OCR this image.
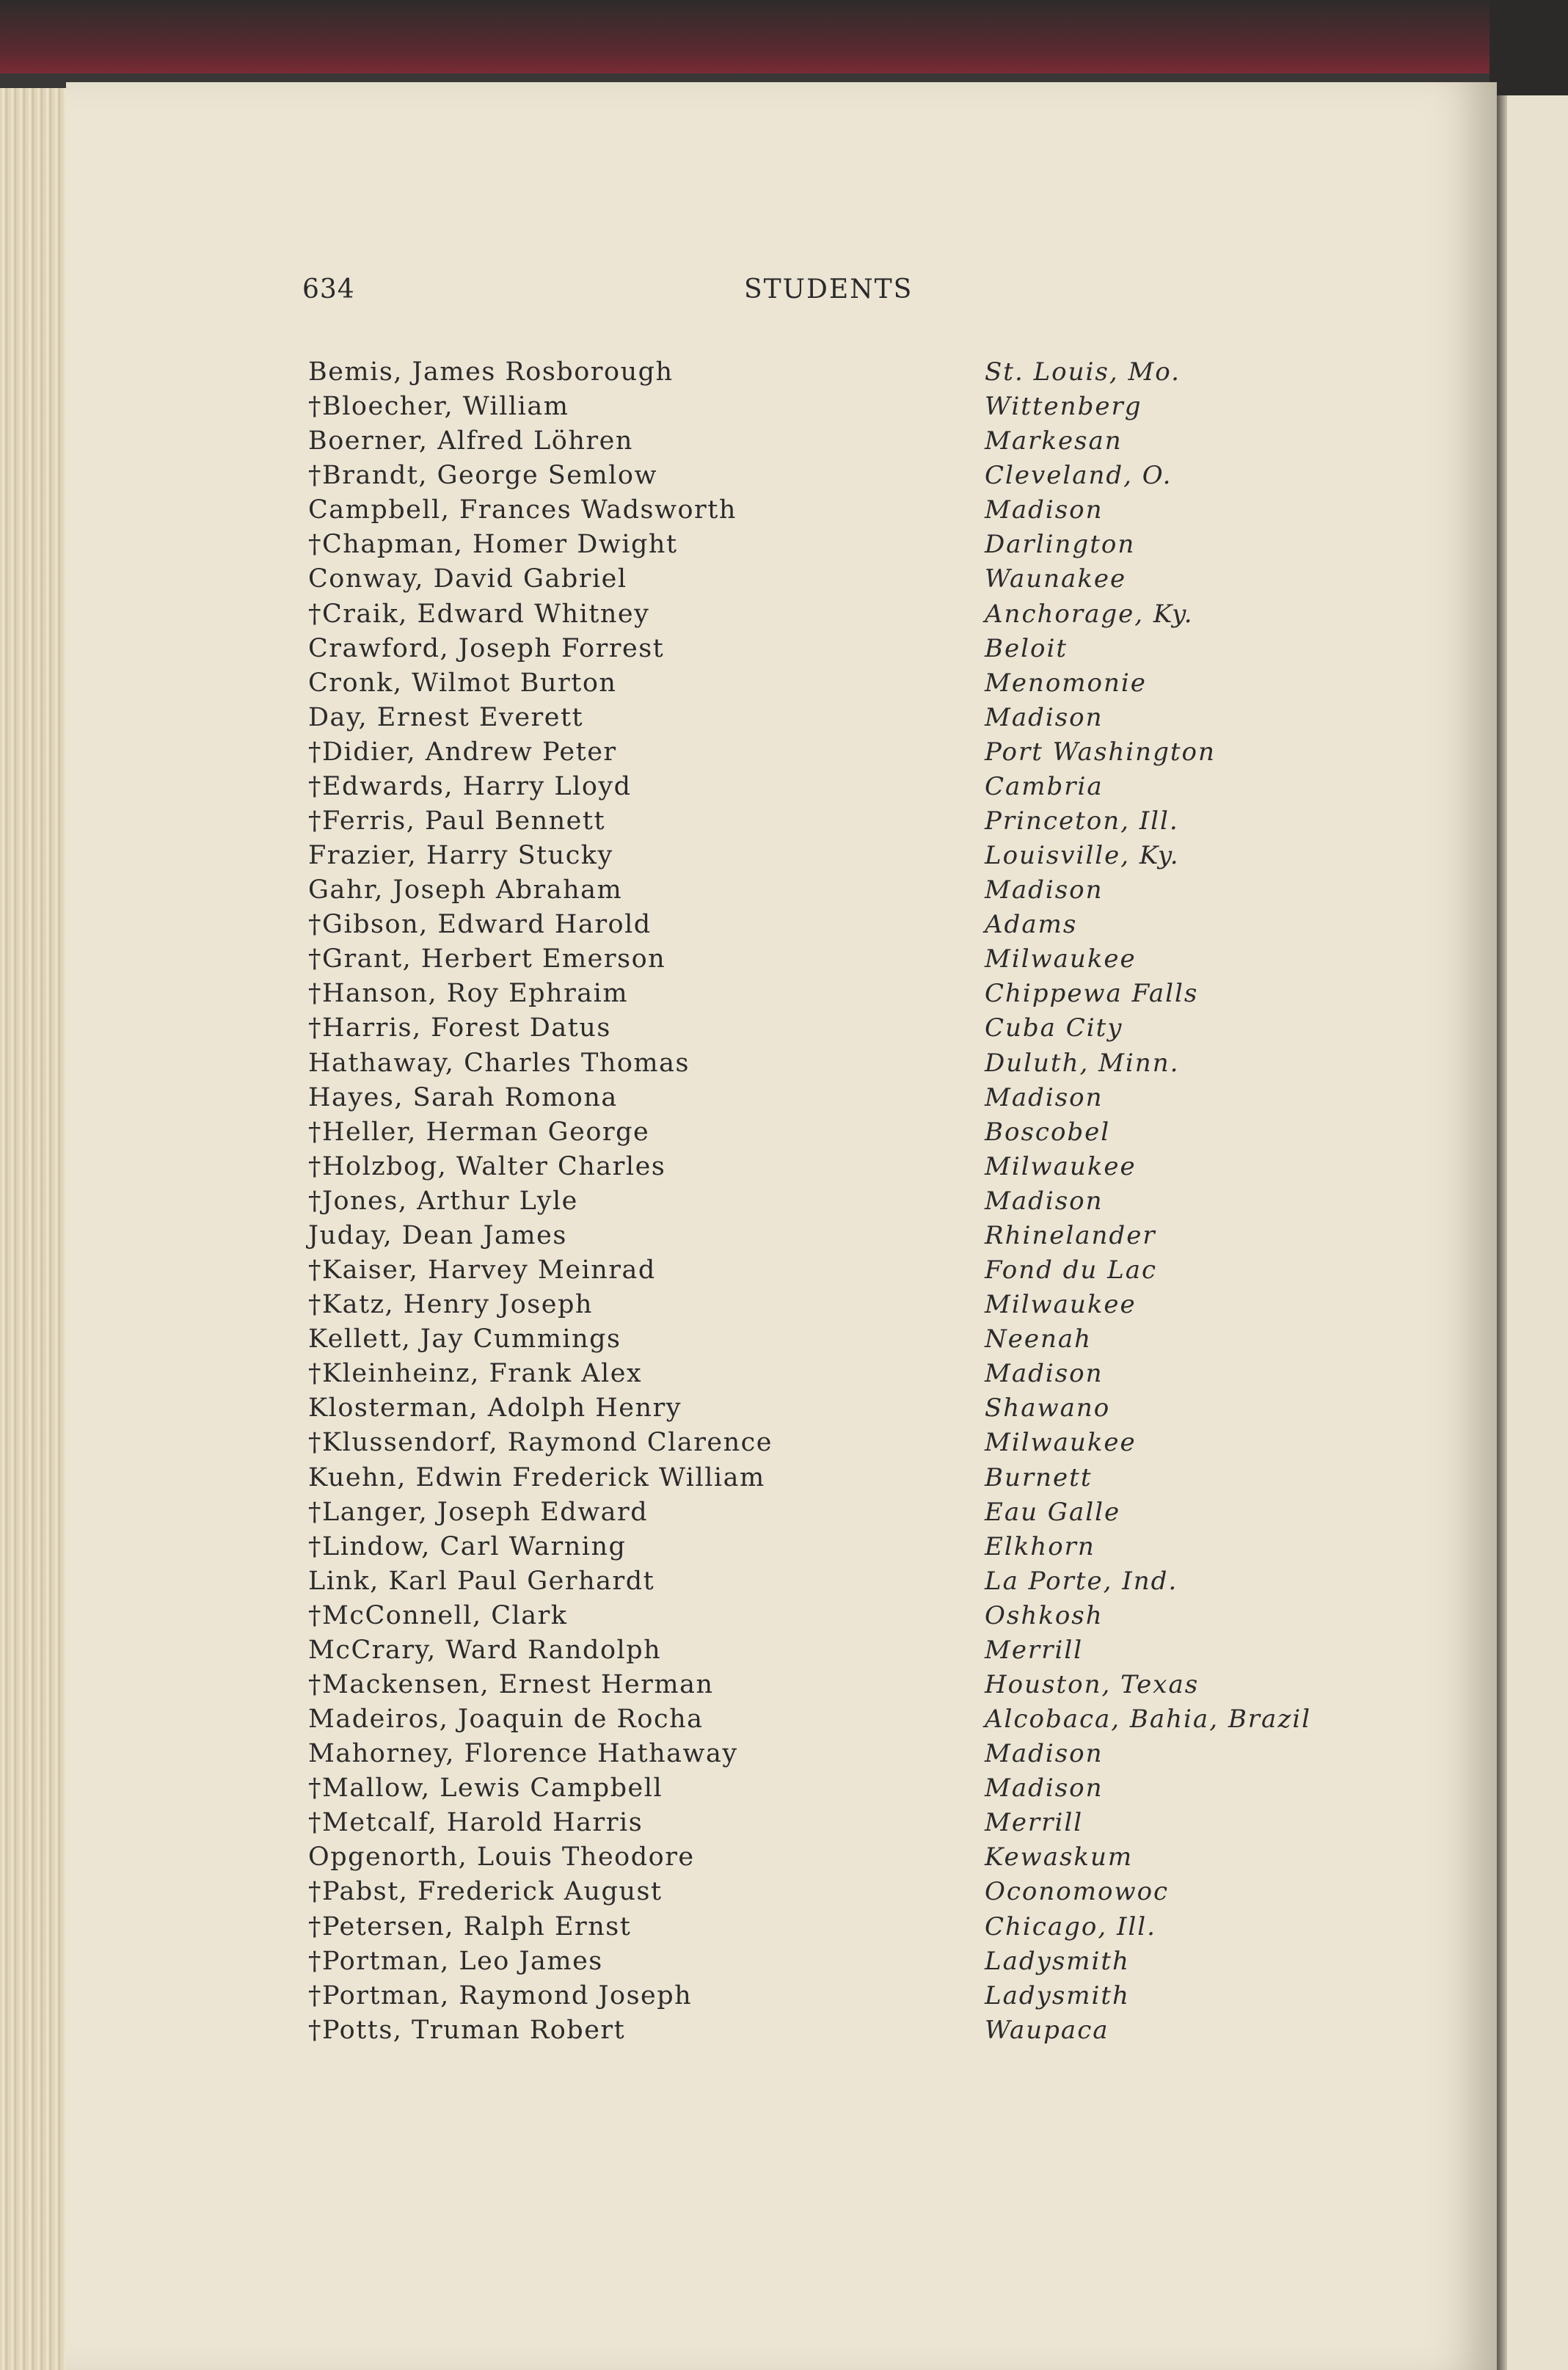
634	STUDENTS
Bemis, James Rosborough	St. Louis, Mo.
†Bloecher, William	Wittenberg
Boerner, Alfred Löhren	Markesan
†Brandt, George Semlow	Cleveland, O.
Campbell, Frances Wadsworth	Madison
†Chapman, Homer Dwight	Darlington
Conway, David Gabriel	Waunakee
†Craik, Edward Whitney	Anchorage, Ky.
Crawford, Joseph Forrest	Beloit
Cronk, Wilmot Burton	Menomonie
Day, Ernest Everett	Madison
†Didier, Andrew Peter	Port Washington
†Edwards, Harry Lloyd	Cambria
†Ferris, Paul Bennett	Princeton, Ill.
Frazier, Harry Stucky	Louisville, Ky.
Gahr, Joseph Abraham	Madison
†Gibson, Edward Harold	Adams
†Grant, Herbert Emerson	Milwaukee
†Hanson, Roy Ephraim	Chippewa Falls
†Harris, Forest Datus	Cuba City
Hathaway, Charles Thomas	Duluth, Minn.
Hayes, Sarah Romona	Madison
†Heller, Herman George	Boscobel
†Holzbog, Walter Charles	Milwaukee
†Jones, Arthur Lyle	Madison
Juday, Dean James	Rhinelander
†Kaiser, Harvey Meinrad	Fond du Lac
†Katz, Henry Joseph	Milwaukee
Kellett, Jay Cummings	Neenah
†Kleinheinz, Frank Alex	Madison
Klosterman, Adolph Henry	Shawano
†Klussendorf, Raymond Clarence	Milwaukee
Kuehn, Edwin Frederick William	Burnett
†Langer, Joseph Edward	Eau Galle
†Lindow, Carl Warning	Elkhorn
Link, Karl Paul Gerhardt	La Porte, Ind.
†McConnell, Clark	Oshkosh
McCrary, Ward Randolph	Merrill
†Mackensen, Ernest Herman	Houston, Texas
Madeiros, Joaquin de Rocha	Alcobaca, Bahia, Brazil
Mahorney, Florence Hathaway	Madison
†Mallow, Lewis Campbell	Madison
†Metcalf, Harold Harris	Merrill
Opgenorth, Louis Theodore	Kewaskum
†Pabst, Frederick August	Oconomowoc
†Petersen, Ralph Ernst	Chicago, Ill.
†Portman, Leo James	Ladysmith
†Portman, Raymond Joseph	Ladysmith
†Potts, Truman Robert	Waupaca
